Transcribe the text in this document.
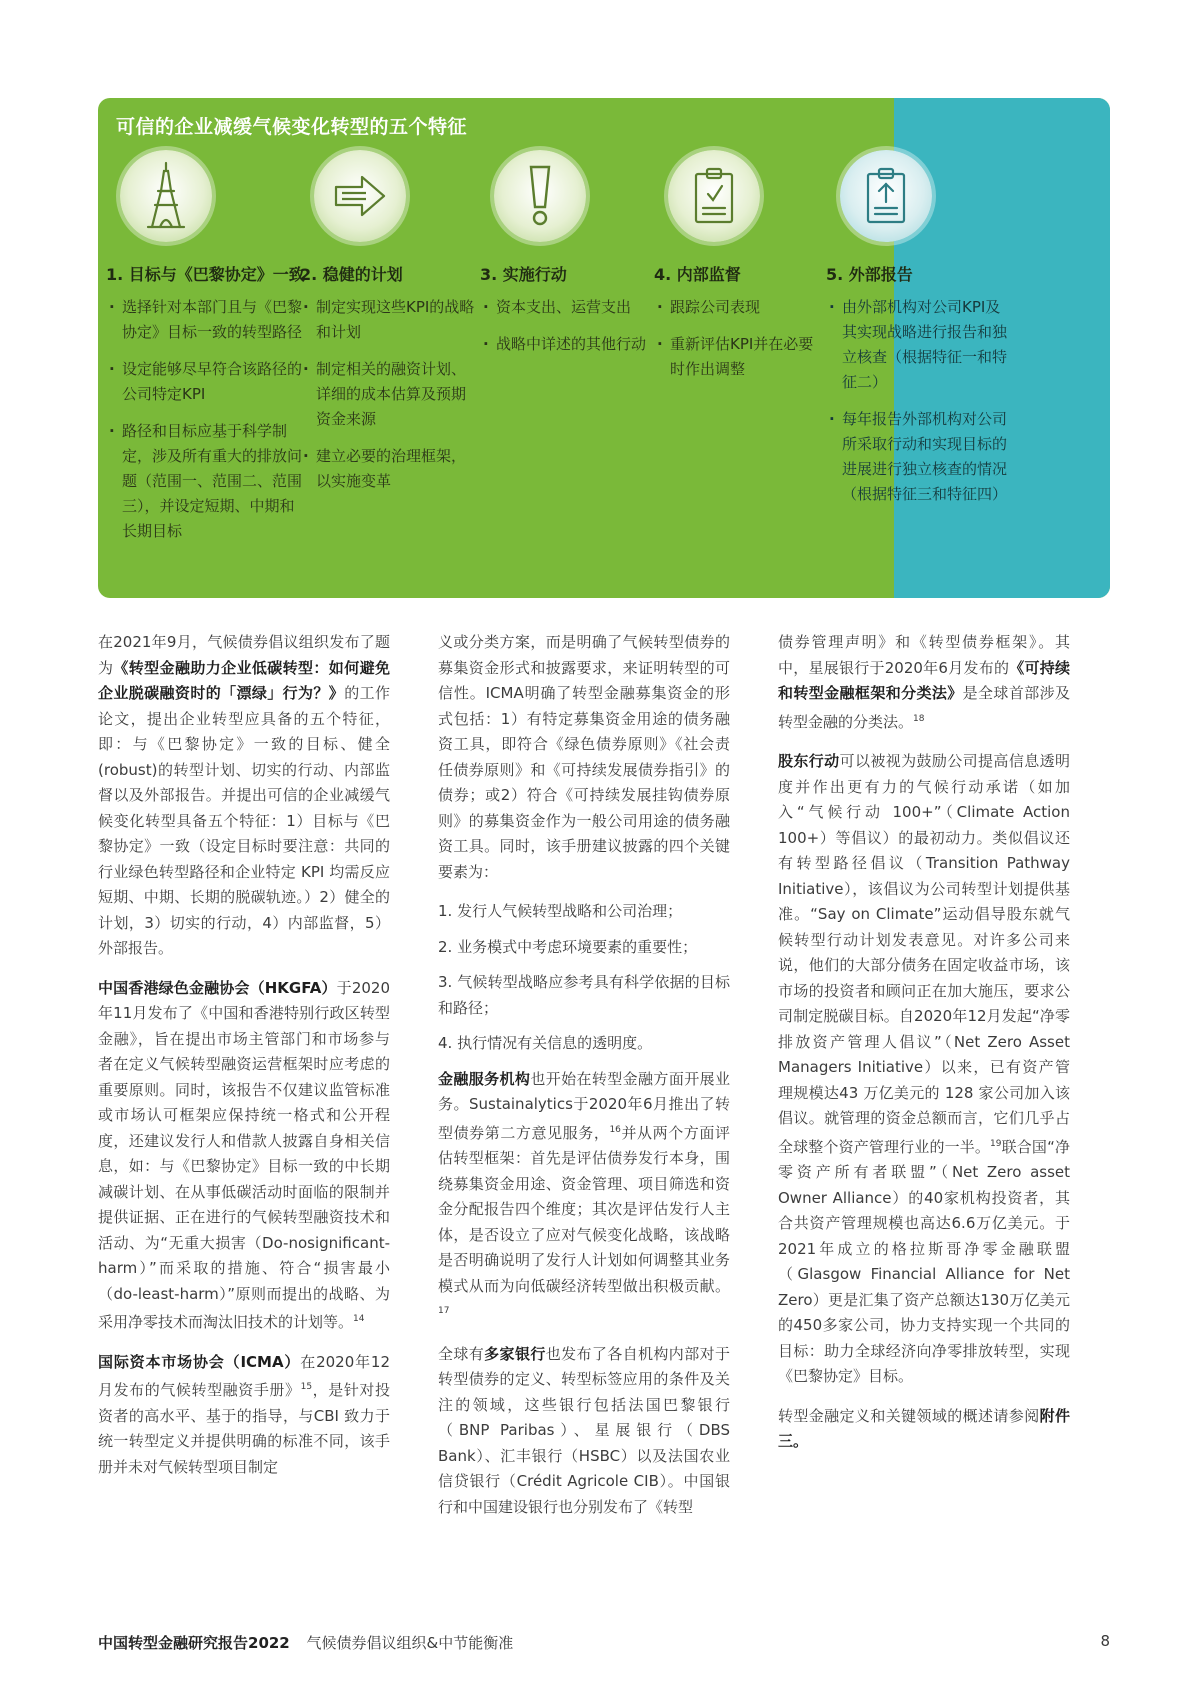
可信的企业减缓气候变化转型的五个特征
1. 目标与《巴黎协定》一致
· 选择针对本部门且与《巴黎协定》目标一致的转型路径
· 设定能够尽早符合该路径的公司特定KPI
· 路径和目标应基于科学制定，涉及所有重大的排放问题（范围一、范围二、范围三），并设定短期、中期和长期目标
2. 稳健的计划
· 制定实现这些KPI的战略和计划
· 制定相关的融资计划、详细的成本估算及预期资金来源
· 建立必要的治理框架，以实施变革
3. 实施行动
· 资本支出、运营支出
· 战略中详述的其他行动
4. 内部监督
· 跟踪公司表现
· 重新评估KPI并在必要时作出调整
5. 外部报告
· 由外部机构对公司KPI及其实现战略进行报告和独立核查（根据特征一和特征二）
· 每年报告外部机构对公司所采取行动和实现目标的进展进行独立核查的情况（根据特征三和特征四）

在2021年9月，气候债券倡议组织发布了题为《转型金融助力企业低碳转型：如何避免企业脱碳融资时的「漂绿」行为？》的工作论文，提出企业转型应具备的五个特征，即：与《巴黎协定》一致的目标、健全(robust)的转型计划、切实的行动、内部监督以及外部报告。并提出可信的企业减缓气候变化转型具备五个特征：1）目标与《巴黎协定》一致（设定目标时要注意：共同的行业绿色转型路径和企业特定 KPI 均需反应短期、中期、长期的脱碳轨迹。）2）健全的计划，3）切实的行动，4）内部监督，5）外部报告。

中国香港绿色金融协会（HKGFA）于2020年11月发布了《中国和香港特别行政区转型金融》，旨在提出市场主管部门和市场参与者在定义气候转型融资运营框架时应考虑的重要原则。同时，该报告不仅建议监管标准或市场认可框架应保持统一格式和公开程度，还建议发行人和借款人披露自身相关信息，如：与《巴黎协定》目标一致的中长期减碳计划、在从事低碳活动时面临的限制并提供证据、正在进行的气候转型融资技术和活动、为“无重大损害（Do-nosignificant-harm）”而采取的措施、符合“损害最小（do-least-harm）”原则而提出的战略、为采用净零技术而淘汰旧技术的计划等。$^{14}$

国际资本市场协会（ICMA）在2020年12月发布的气候转型融资手册》$^{15}$，是针对投资者的高水平、基于的指导，与CBI 致力于统一转型定义并提供明确的标准不同，该手册并未对气候转型项目制定

义或分类方案，而是明确了气候转型债券的募集资金形式和披露要求，来证明转型的可信性。ICMA明确了转型金融募集资金的形式包括：1）有特定募集资金用途的债务融资工具，即符合《绿色债券原则》《社会责任债券原则》和《可持续发展债券指引》的债券；或2）符合《可持续发展挂钩债券原则》的募集资金作为一般公司用途的债务融资工具。同时，该手册建议披露的四个关键要素为：

1. 发行人气候转型战略和公司治理；

2. 业务模式中考虑环境要素的重要性；

3. 气候转型战略应参考具有科学依据的目标和路径；

4. 执行情况有关信息的透明度。

金融服务机构也开始在转型金融方面开展业务。Sustainalytics于2020年6月推出了转型债券第二方意见服务，$^{16}$并从两个方面评估转型框架：首先是评估债券发行本身，围绕募集资金用途、资金管理、项目筛选和资金分配报告四个维度；其次是评估发行人主体，是否设立了应对气候变化战略，该战略是否明确说明了发行人计划如何调整其业务模式从而为向低碳经济转型做出积极贡献。$^{17}$

全球有多家银行也发布了各自机构内部对于转型债券的定义、转型标签应用的条件及关注的领域，这些银行包括法国巴黎银行（BNP Paribas）、星展银行（DBS Bank）、汇丰银行（HSBC）以及法国农业信贷银行（Crédit Agricole CIB）。中国银行和中国建设银行也分别发布了《转型

债券管理声明》和《转型债券框架》。其中，星展银行于2020年6月发布的《可持续和转型金融框架和分类法》是全球首部涉及转型金融的分类法。$^{18}$

股东行动可以被视为鼓励公司提高信息透明度并作出更有力的气候行动承诺（如加入“气候行动 100+”（Climate Action 100+）等倡议）的最初动力。类似倡议还有转型路径倡议（Transition Pathway Initiative），该倡议为公司转型计划提供基准。“Say on Climate”运动倡导股东就气候转型行动计划发表意见。对许多公司来说，他们的大部分债务在固定收益市场，该市场的投资者和顾问正在加大施压，要求公司制定脱碳目标。自2020年12月发起“净零排放资产管理人倡议”（Net Zero Asset Managers Initiative）以来，已有资产管理规模达43 万亿美元的 128 家公司加入该倡议。就管理的资金总额而言，它们几乎占全球整个资产管理行业的一半。$^{19}$联合国“净零资产所有者联盟”（Net Zero asset Owner Alliance）的40家机构投资者，其合共资产管理规模也高达6.6万亿美元。于2021年成立的格拉斯哥净零金融联盟（Glasgow Financial Alliance for Net Zero）更是汇集了资产总额达130万亿美元的450多家公司，协力支持实现一个共同的目标：助力全球经济向净零排放转型，实现《巴黎协定》目标。

转型金融定义和关键领域的概述请参阅附件三。

中国转型金融研究报告2022 气候债券倡议组织&中节能衡准	8
